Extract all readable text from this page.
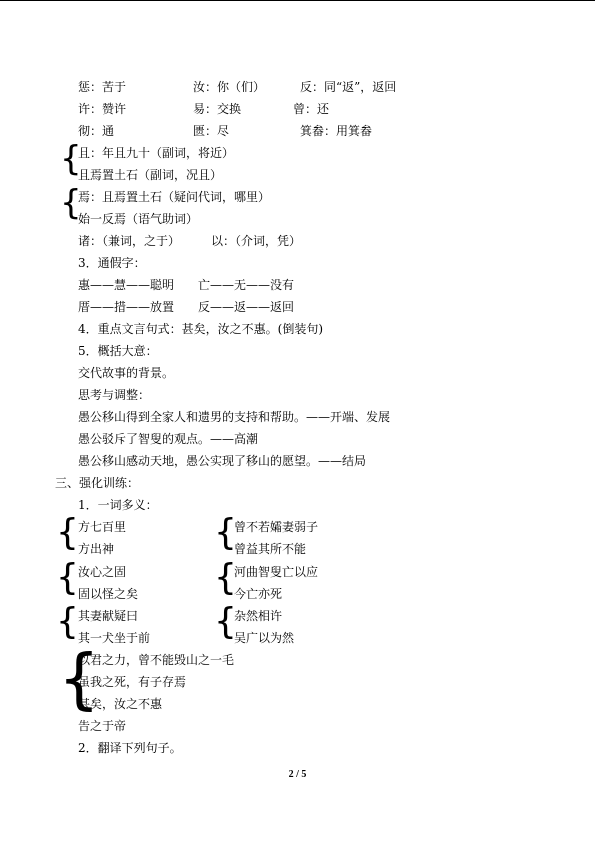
惩：苦于	汝：你（们）	反：同“返”，返回
许：赞许	易：交换	曾：还
彻：通	匮：尽	箕畚：用箕畚
{
且：年且九十（副词，将近）
且焉置土石（副词，况且）
{
焉：且焉置土石（疑问代词，哪里）
始一反焉（语气助词）
诸：（兼词，之于）	以：（介词，凭）
3．通假字：
惠——慧——聪明 亡——无——没有
厝——措——放置 反——返——返回
4．重点文言句式：甚矣，汝之不惠。(倒装句)
5．概括大意：
交代故事的背景。
思考与调整：
愚公移山得到全家人和遗男的支持和帮助。——开端、发展
愚公驳斥了智叟的观点。——高潮
愚公移山感动天地，愚公实现了移山的愿望。——结局
三、强化训练：
1．一词多义：
{ 方七百里
方出神	{
曾不若孀妻弱子
曾益其所不能
{ 汝心之固
固以怪之矣 {
河曲智叟亡以应
今亡亦死
{ 其妻献疑曰
其一犬坐于前 {
杂然相许
吴广以为然
{
以君之力，曾不能毁山之一毛
虽我之死，有子存焉
甚矣，汝之不惠
告之于帝
2．翻译下列句子。
2 / 5
